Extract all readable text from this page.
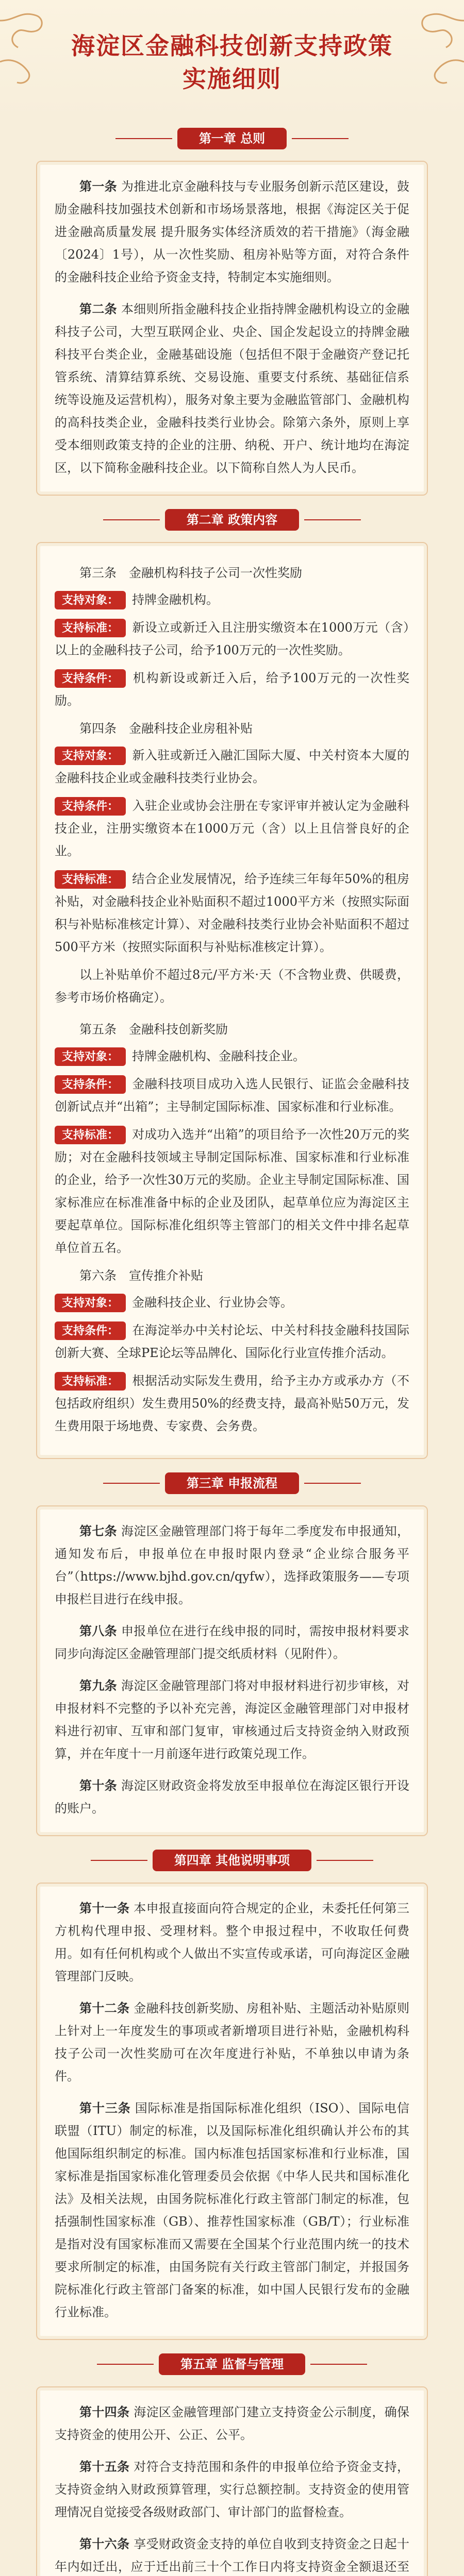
海淀区金融科技创新支持政策
实施细则
第一章 总则

第一条 为推进北京金融科技与专业服务创新示范区建设，鼓励金融科技加强技术创新和市场场景落地，根据《海淀区关于促进金融高质量发展 提升服务实体经济质效的若干措施》（海金融〔2024〕1号），从一次性奖励、租房补贴等方面，对符合条件的金融科技企业给予资金支持，特制定本实施细则。

第二条 本细则所指金融科技企业指持牌金融机构设立的金融科技子公司，大型互联网企业、央企、国企发起设立的持牌金融科技平台类企业，金融基础设施（包括但不限于金融资产登记托管系统、清算结算系统、交易设施、重要支付系统、基础征信系统等设施及运营机构），服务对象主要为金融监管部门、金融机构的高科技类企业，金融科技类行业协会。除第六条外，原则上享受本细则政策支持的企业的注册、纳税、开户、统计地均在海淀区，以下简称金融科技企业。以下简称自然人为人民币。

第二章 政策内容

第三条　金融机构科技子公司一次性奖励

支持对象： 持牌金融机构。

支持标准： 新设立或新迁入且注册实缴资本在1000万元（含）以上的金融科技子公司，给予100万元的一次性奖励。

支持条件： 机构新设或新迁入后，给予100万元的一次性奖励。

第四条　金融科技企业房租补贴

支持对象： 新入驻或新迁入融汇国际大厦、中关村资本大厦的金融科技企业或金融科技类行业协会。

支持条件： 入驻企业或协会注册在专家评审并被认定为金融科技企业，注册实缴资本在1000万元（含）以上且信誉良好的企业。

支持标准： 结合企业发展情况，给予连续三年每年50%的租房补贴，对金融科技企业补贴面积不超过1000平方米（按照实际面积与补贴标准核定计算）、对金融科技类行业协会补贴面积不超过500平方米（按照实际面积与补贴标准核定计算）。

以上补贴单价不超过8元/平方米·天（不含物业费、供暖费，参考市场价格确定）。

第五条　金融科技创新奖励

支持对象： 持牌金融机构、金融科技企业。

支持条件： 金融科技项目成功入选人民银行、证监会金融科技创新试点并“出箱”；主导制定国际标准、国家标准和行业标准。

支持标准： 对成功入选并“出箱”的项目给予一次性20万元的奖励；对在金融科技领域主导制定国际标准、国家标准和行业标准的企业，给予一次性30万元的奖励。企业主导制定国际标准、国家标准应在标准准备中标的企业及团队，起草单位应为海淀区主要起草单位。国际标准化组织等主管部门的相关文件中排名起草单位首五名。

第六条　宣传推介补贴

支持对象： 金融科技企业、行业协会等。

支持条件： 在海淀举办中关村论坛、中关村科技金融科技国际创新大赛、全球PE论坛等品牌化、国际化行业宣传推介活动。

支持标准： 根据活动实际发生费用，给予主办方或承办方（不包括政府组织）发生费用50%的经费支持，最高补贴50万元，发生费用限于场地费、专家费、会务费。

第三章 申报流程

第七条 海淀区金融管理部门将于每年二季度发布申报通知，通知发布后，申报单位在申报时限内登录“企业综合服务平台”（https://www.bjhd.gov.cn/qyfw），选择政策服务——专项申报栏目进行在线申报。

第八条 申报单位在进行在线申报的同时，需按申报材料要求同步向海淀区金融管理部门提交纸质材料（见附件）。

第九条 海淀区金融管理部门将对申报材料进行初步审核，对申报材料不完整的予以补充完善，海淀区金融管理部门对申报材料进行初审、互审和部门复审，审核通过后支持资金纳入财政预算，并在年度十一月前逐年进行政策兑现工作。

第十条 海淀区财政资金将发放至申报单位在海淀区银行开设的账户。

第四章 其他说明事项

第十一条 本申报直接面向符合规定的企业，未委托任何第三方机构代理申报、受理材料。整个申报过程中，不收取任何费用。如有任何机构或个人做出不实宣传或承诺，可向海淀区金融管理部门反映。

第十二条 金融科技创新奖励、房租补贴、主题活动补贴原则上针对上一年度发生的事项或者新增项目进行补贴，金融机构科技子公司一次性奖励可在次年度进行补贴，不单独以申请为条件。

第十三条 国际标准是指国际标准化组织（ISO）、国际电信联盟（ITU）制定的标准，以及国际标准化组织确认并公布的其他国际组织制定的标准。国内标准包括国家标准和行业标准，国家标准是指国家标准化管理委员会依据《中华人民共和国标准化法》及相关法规，由国务院标准化行政主管部门制定的标准，包括强制性国家标准（GB）、推荐性国家标准（GB/T）；行业标准是指对没有国家标准而又需要在全国某个行业范围内统一的技术要求所制定的标准，由国务院有关行政主管部门制定，并报国务院标准化行政主管部门备案的标准，如中国人民银行发布的金融行业标准。

第五章 监督与管理

第十四条 海淀区金融管理部门建立支持资金公示制度，确保支持资金的使用公开、公正、公平。

第十五条 对符合支持范围和条件的申报单位给予资金支持，支持资金纳入财政预算管理，实行总额控制。支持资金的使用管理情况自觉接受各级财政部门、审计部门的监督检查。

第十六条 享受财政资金支持的单位自收到支持资金之日起十年内如迁出，应于迁出前三十个工作日内将支持资金全额退还至
